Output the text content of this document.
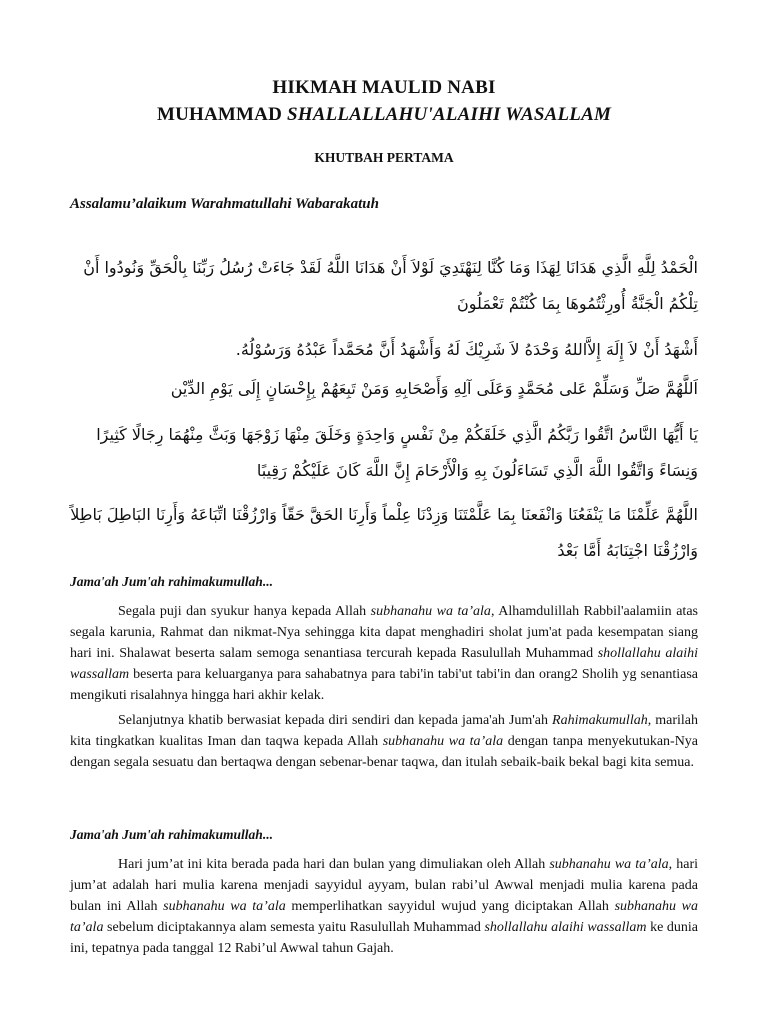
HIKMAH MAULID NABI
MUHAMMAD SHALLALLAHU'ALAIHI WASALLAM
KHUTBAH PERTAMA
Assalamu’alaikum Warahmatullahi Wabarakatuh
الْحَمْدُ لِلَّهِ الَّذِي هَدَانَا لِهَذَا وَمَا كُنَّا لِنَهْتَدِيَ لَوْلاَ أَنْ هَدَانَا اللَّهُ لَقَدْ جَاءَتْ رُسُلُ رَبِّنَا بِالْحَقِّ وَنُودُوا أَنْ تِلْكُمُ الْجَنَّةُ أُورِثْتُمُوهَا بِمَا كُنْتُمْ تَعْمَلُونَ
أَشْهَدُ أَنْ لاَ إِلَهَ إِلاَّاللهُ وَحْدَهُ لاَ شَرِيْكَ لَهُ وَأَشْهَدُ أَنَّ مُحَمَّداً عَبْدُهُ وَرَسُوْلُهُ.
اَللَّهُمَّ صَلِّ وَسَلِّمْ عَلى مُحَمَّدٍ وَعَلَى آلِهِ وَأَصْحَابِهِ وَمَنْ تَبِعَهُمْ بِإِحْسَانٍ إِلَى يَوْمِ الدِّيْن
يَا أَيُّهَا النَّاسُ اتَّقُوا رَبَّكُمُ الَّذِي خَلَقَكُمْ مِنْ نَفْسٍ وَاحِدَةٍ وَخَلَقَ مِنْهَا زَوْجَهَا وَبَثَّ مِنْهُمَا رِجَالًا كَثِيرًا وَنِسَاءً وَاتَّقُوا اللَّهَ الَّذِي تَسَاءَلُونَ بِهِ وَالْأَرْحَامَ إِنَّ اللَّهَ كَانَ عَلَيْكُمْ رَقِيبًا
اللَّهُمَّ عَلِّمْنَا مَا يَنْفَعُنَا وَانْفَعنَا بِمَا عَلَّمْتَنَا وَزِدْنَا عِلْماً وَأَرِنَا الحَقَّ حَقّاً وَارْزُقْنَا اتِّبَاعَهُ وَأَرِنَا البَاطِلَ بَاطِلاً وَارْزُقْنَا اجْتِنَابَهُ أَمَّا بَعْدُ
Jama'ah Jum'ah rahimakumullah...

Segala puji dan syukur hanya kepada Allah subhanahu wa ta’ala, Alhamdulillah Rabbil'aalamiin atas segala karunia, Rahmat dan nikmat-Nya sehingga kita dapat menghadiri sholat jum'at pada kesempatan siang hari ini. Shalawat beserta salam semoga senantiasa tercurah kepada Rasulullah Muhammad shollallahu alaihi wassallam beserta para keluarganya para sahabatnya para tabi'in tabi'ut tabi'in dan orang2 Sholih yg senantiasa mengikuti risalahnya hingga hari akhir kelak.

Selanjutnya khatib berwasiat kepada diri sendiri dan kepada jama'ah Jum'ah Rahimakumullah, marilah kita tingkatkan kualitas Iman dan taqwa kepada Allah subhanahu wa ta’ala dengan tanpa menyekutukan-Nya dengan segala sesuatu dan bertaqwa dengan sebenar-benar taqwa, dan itulah sebaik-baik bekal bagi kita semua.

Jama'ah Jum'ah rahimakumullah...

Hari jum’at ini kita berada pada hari dan bulan yang dimuliakan oleh Allah subhanahu wa ta’ala, hari jum’at adalah hari mulia karena menjadi sayyidul ayyam, bulan rabi’ul Awwal menjadi mulia karena pada bulan ini Allah subhanahu wa ta’ala memperlihatkan sayyidul wujud yang diciptakan Allah subhanahu wa ta’ala sebelum diciptakannya alam semesta yaitu Rasulullah Muhammad shollallahu alaihi wassallam ke dunia ini, tepatnya pada tanggal 12 Rabi’ul Awwal tahun Gajah.
